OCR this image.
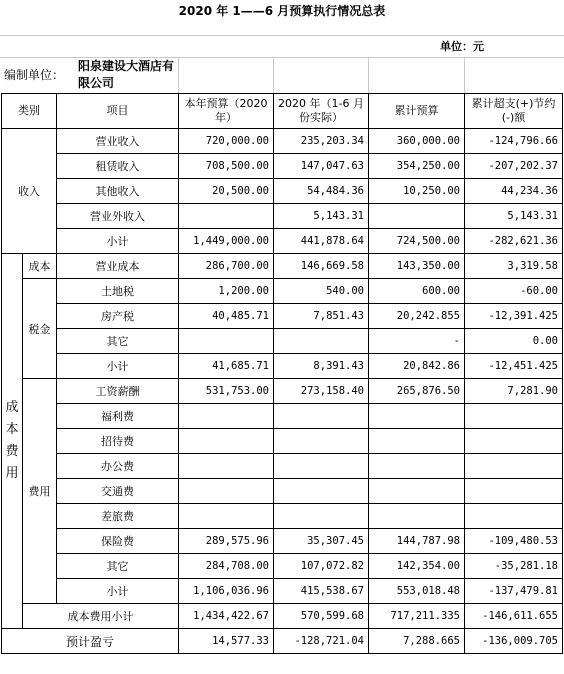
2020 年 1——6 月预算执行情况总表
单位：元
编制单位：
阳泉建设大酒店有限公司
类别		项目	本年预算（2020 年）	2020 年（1-6 月份实际）	累计预算	累计超支(+)节约(-)额
收入		营业收入	720,000.00	235,203.34	360,000.00	-124,796.66
		租赁收入	708,500.00	147,047.63	354,250.00	-207,202.37
		其他收入	20,500.00	54,484.36	10,250.00	44,234.36
		营业外收入		5,143.31		5,143.31
		小计	1,449,000.00	441,878.64	724,500.00	-282,621.36
成本费用	成本	营业成本	286,700.00	146,669.58	143,350.00	3,319.58
	税金	土地税	1,200.00	540.00	600.00	-60.00
		房产税	40,485.71	7,851.43	20,242.855	-12,391.425
		其它			-	0.00
		小计	41,685.71	8,391.43	20,842.86	-12,451.425
	费用	工资薪酬	531,753.00	273,158.40	265,876.50	7,281.90
		福利费				
		招待费				
		办公费				
		交通费				
		差旅费				
		保险费	289,575.96	35,307.45	144,787.98	-109,480.53
		其它	284,708.00	107,072.82	142,354.00	-35,281.18
		小计	1,106,036.96	415,538.67	553,018.48	-137,479.81
	成本费用小计		1,434,422.67	570,599.68	717,211.335	-146,611.655
预计盈亏			14,577.33	-128,721.04	7,288.665	-136,009.705
